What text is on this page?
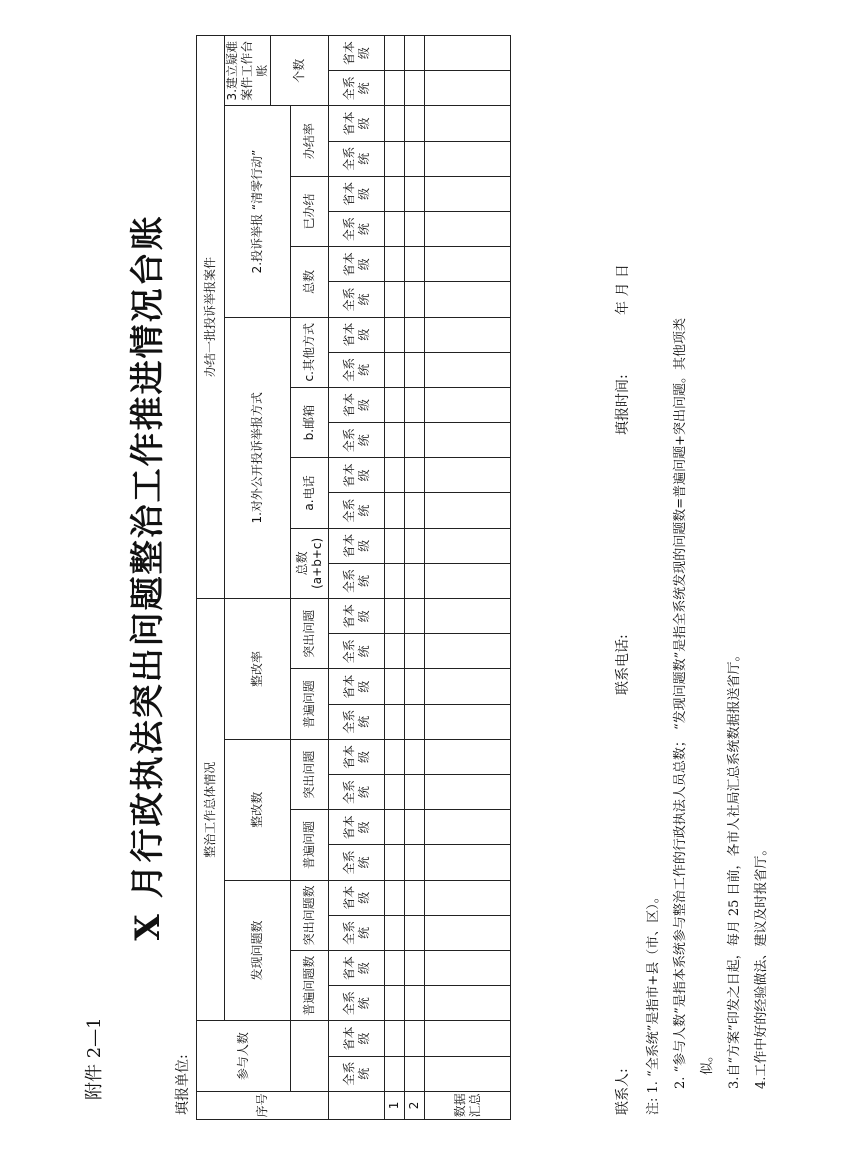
附件 2—1
X 月行政执法突出问题整治工作推进情况台账
填报单位:	序号	参与人数		整治工作总体情况												办结一批投诉举报案件															
			发现问题数				整改数				整改率				1.对外公开投诉举报方式								2.投诉举报 “清零行动”						3.建立疑难案件工作台账	
																													个数	
			普遍问题数		突出问题数		普遍问题		突出问题		普遍问题		突出问题		总数(a+b+c)		a.电话		b.邮箱		c.其他方式		总数		已办结		办结率			
	全系统	省本级	全系统	省本级	全系统	省本级	全系统	省本级	全系统	省本级	全系统	省本级	全系统	省本级	全系统	省本级	全系统	省本级	全系统	省本级	全系统	省本级	全系统	省本级	全系统	省本级	全系统	省本级	全系统	省本级
1																														
2																														
数据汇总																															联系人:
联系电话:
填报时间:
年 月 日
注: 1. “全系统”是指市+县（市、区）。 2. “参与人数”是指本系统参与整治工作的行政执法人员总数； “发现问题数”是指全系统发现的问题数=普遍问题+突出问题。其他项类 似。 3.自“方案”印发之日起，每月 25 日前，各市人社局汇总系统数据报送省厅。 4.工作中好的经验做法、建议及时报省厅。
